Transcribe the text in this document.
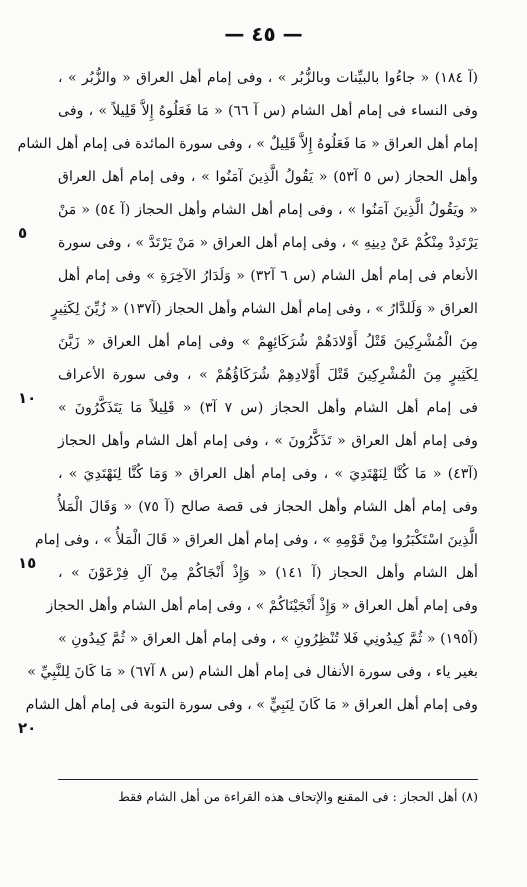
— ٤٥ —
(آ ١٨٤) « جاءُوا بالبيِّنات وبالزُّبُر » ، وفى إمام أهل العراق « والزُّبُر » ،
وفى النساء فى إمام أهل الشام (س آ ٦٦) « مَا فَعَلُوهُ إِلاَّ قَلِيلاً » ، وفى
إمام أهل العراق « مَا فَعَلُوهُ إِلاَّ قَلِيلٌ » ، وفى سورة المائدة فى إمام أهل الشام
وأهل الحجاز (س ٥ آ٥٣) « يَقُولُ الَّذِينَ آمَنُوا » ، وفى إمام أهل العراق
« ويَقُولُ الَّذِينَ آمَنُوا » ، وفى إمام أهل الشام وأهل الحجاز (آ ٥٤) « مَنْ
يَرْتَدِدْ مِنْكُمْ عَنْ دِينِهِ » ، وفى إمام أهل العراق « مَنْ يَرْتَدَّ » ، وفى سورة
الأنعام فى إمام أهل الشام (س ٦ آ٣٢) « وَلَدَارُ الآخِرَةِ » وفى إمام أهل
العراق « وَلَلدَّارُ » ، وفى إمام أهل الشام وأهل الحجاز (آ١٣٧) « زُيِّنَ لِكَثِيرٍ
مِنَ الْمُشْرِكِينَ قَتْلُ أَوْلادَهُمْ شُرَكَائِهِمْ » وفى إمام أهل العراق « زَيَّنَ
لِكَثِيرٍ مِنَ الْمُشْرِكِينَ قَتْلَ أَوْلادِهِمْ شُرَكَاؤُهُمْ » ، وفى سورة الأعراف
فى إمام أهل الشام وأهل الحجاز (س ٧ آ٣) « قَلِيلاً مَا يَتَذَكَّرُونَ »
وفى إمام أهل العراق « تَذَكَّرُونَ » ، وفى إمام أهل الشام وأهل الحجاز
(آ٤٣) « مَا كُنَّا لِنَهْتَدِيَ » ، وفى إمام أهل العراق « وَمَا كُنَّا لِنَهْتَدِيَ » ،
وفى إمام أهل الشام وأهل الحجاز فى قصة صالح (آ ٧٥) « وَقَالَ الْمَلأُ
الَّذِينَ اسْتَكْبَرُوا مِنْ قَوْمِهِ » ، وفى إمام أهل العراق « قَالَ الْمَلأُ » ، وفى إمام
أهل الشام وأهل الحجاز (آ ١٤١) « وَإِذْ أَنْجَاكُمْ مِنْ آلِ فِرْعَوْنَ » ،
وفى إمام أهل العراق « وَإِذْ أَنْجَيْنَاكُمْ » ، وفى إمام أهل الشام وأهل الحجاز
(آ١٩٥) « ثُمَّ كِيدُونِي فَلا تُنْظِرُونِ » ، وفى إمام أهل العراق « ثُمَّ كِيدُونِ »
بغير ياء ، وفى سورة الأنفال فى إمام أهل الشام (س ٨ آ٦٧) « مَا كَانَ لِلنَّبِيِّ »
وفى إمام أهل العراق « مَا كَانَ لِنَبِيٍّ » ، وفى سورة التوبة فى إمام أهل الشام
٥
١٠
١٥
٢٠
(٨) أهل الحجاز : فى المقنع والإتحاف هذه القراءة من أهل الشام فقط
